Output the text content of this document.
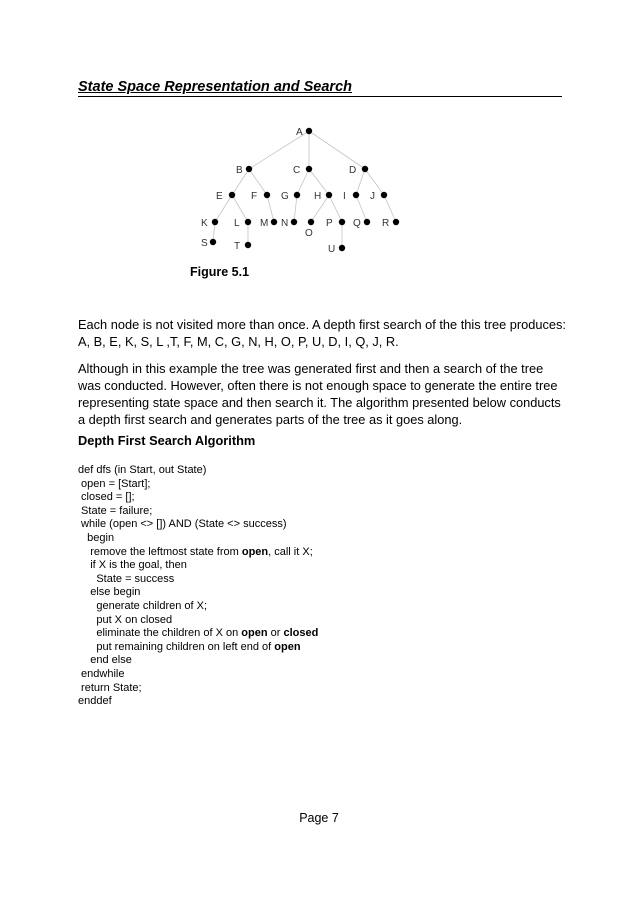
State Space Representation and Search
A
B	C	D
E	F G	H I J
K	L M N
O
P Q R
S	T	U
Figure 5.1

Each node is not visited more than once. A depth first search of the this tree produces: A, B, E, K, S, L ,T, F, M, C, G, N, H, O, P, U, D, I, Q, J, R.

Although in this example the tree was generated first and then a search of the tree was conducted. However, often there is not enough space to generate the entire tree representing state space and then search it. The algorithm presented below conducts a depth first search and generates parts of the tree as it goes along.

Depth First Search Algorithm
def dfs (in Start, out State)
open = [Start];
closed = [];
State = failure;
while (open <> []) AND (State <> success)
begin
remove the leftmost state from open, call it X;
if X is the goal, then
State = success
else begin
generate children of X;
put X on closed
eliminate the children of X on open or closed
put remaining children on left end of open
end else
endwhile
return State;
enddef
Page 7
